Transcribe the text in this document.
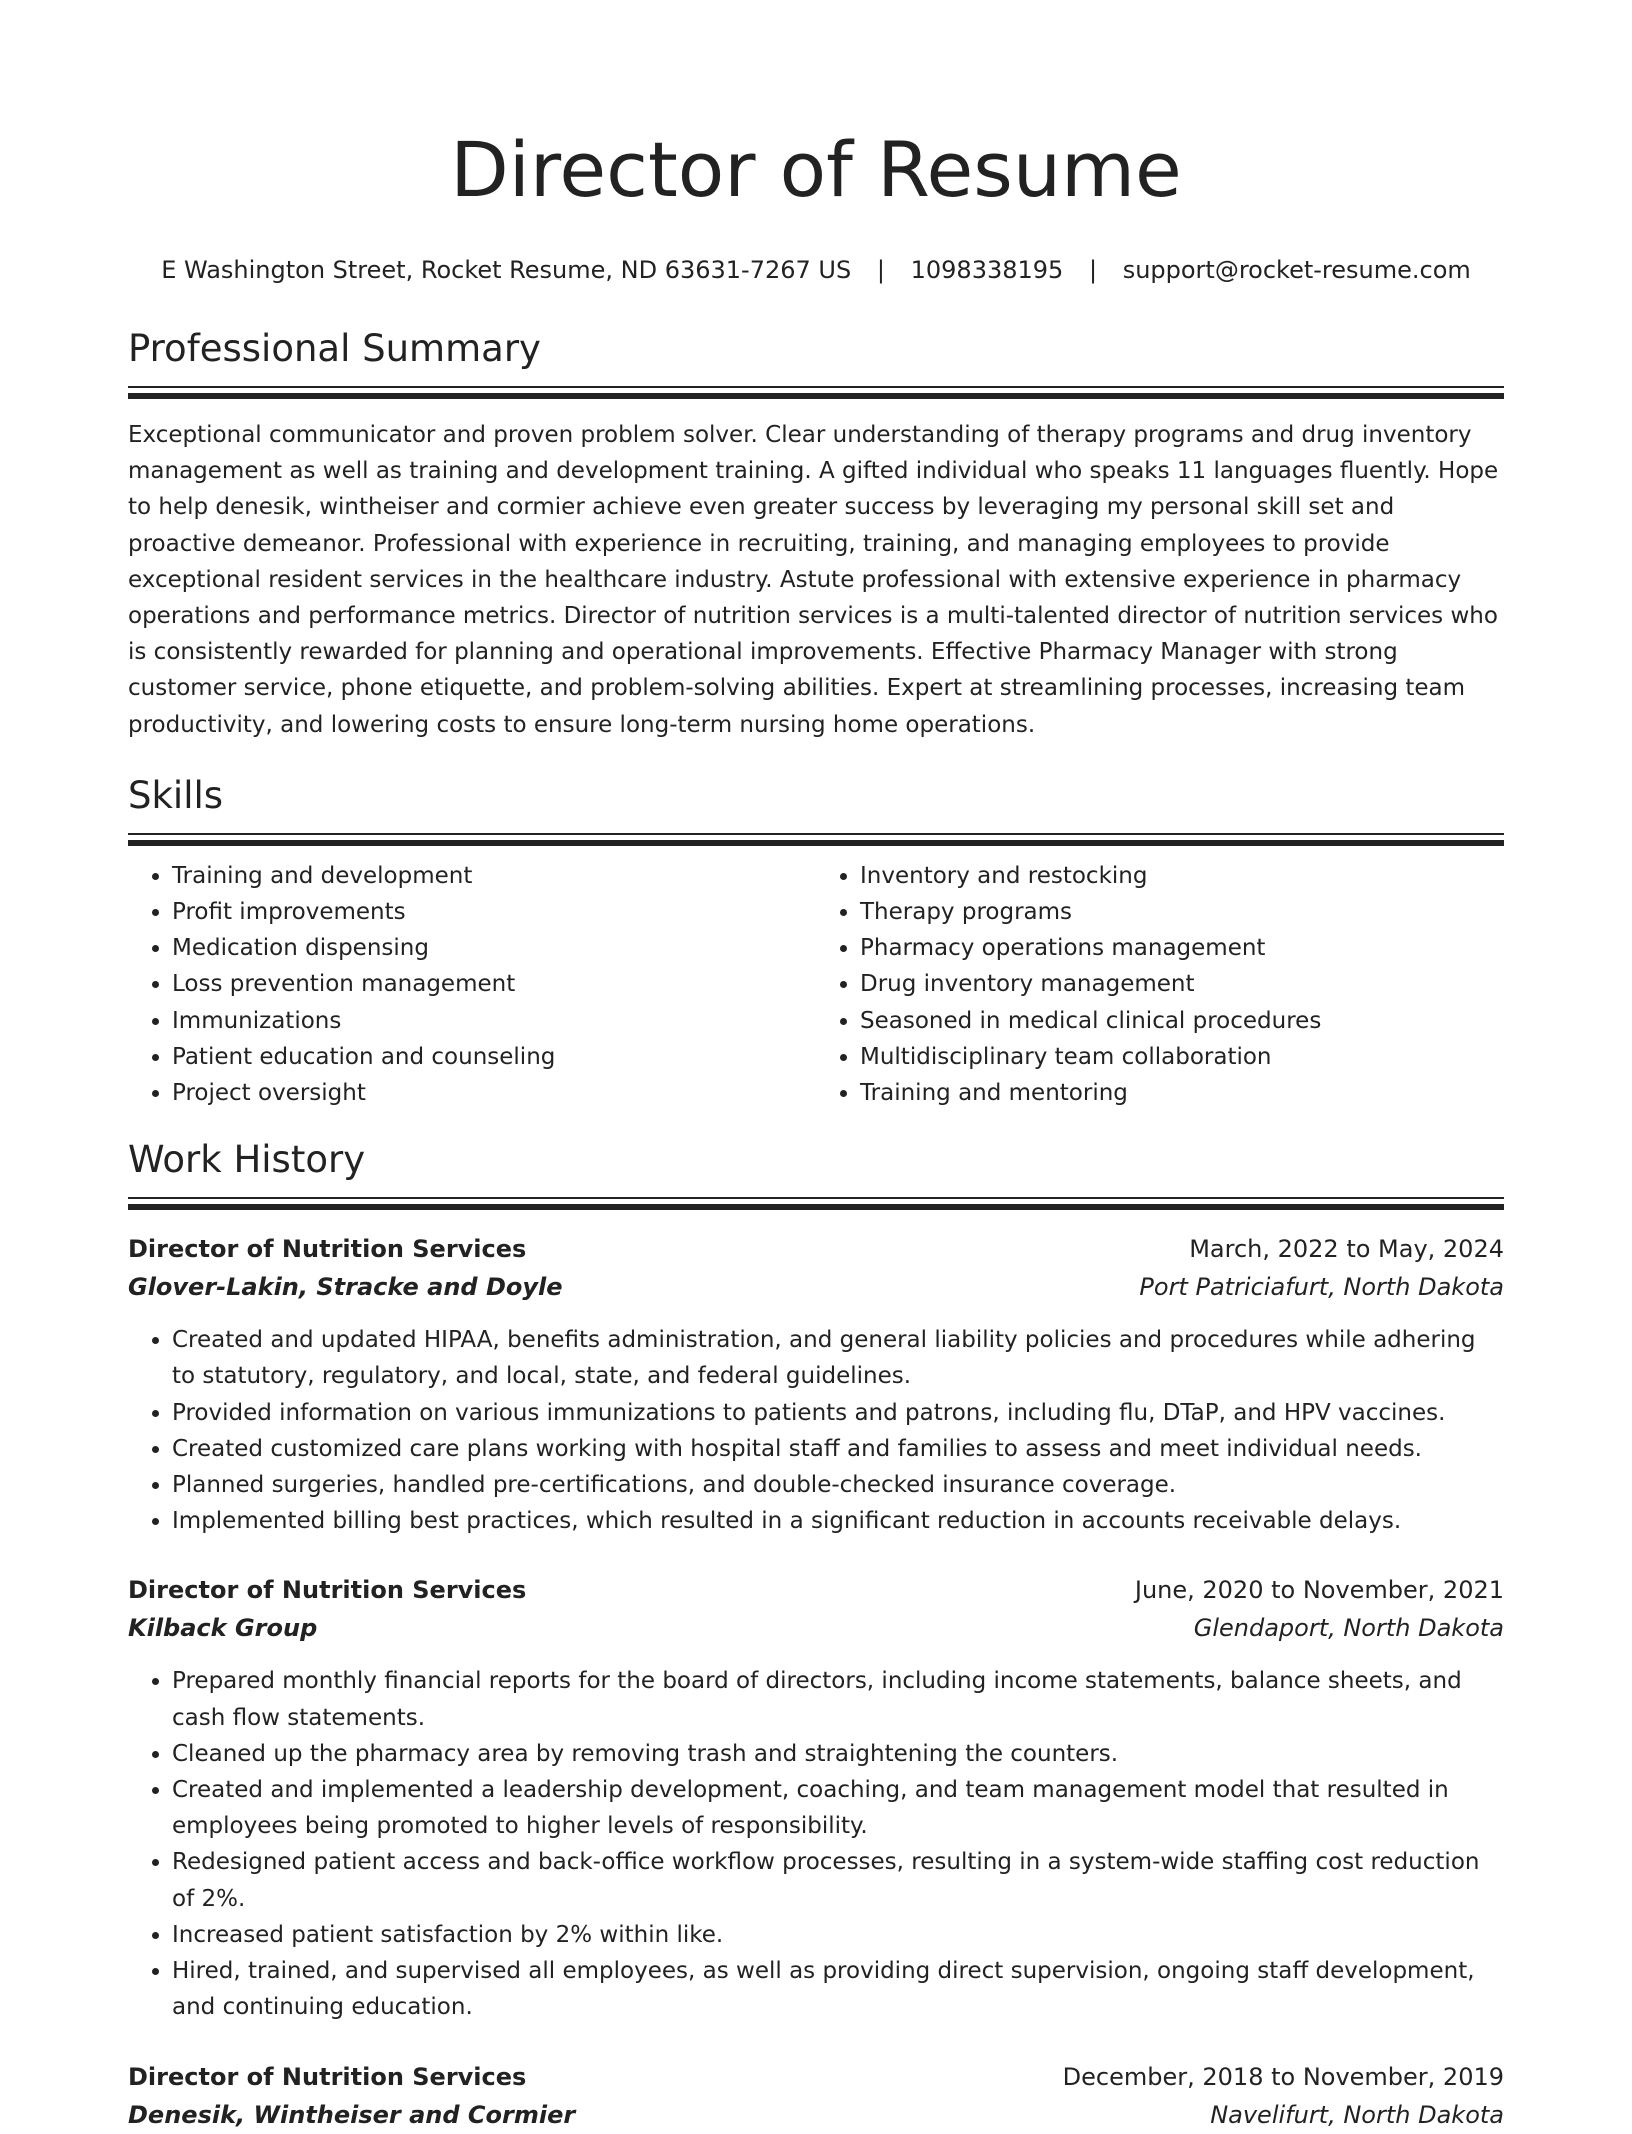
Director of Resume
E Washington Street, Rocket Resume, ND 63631-7267 US | 1098338195 | support@rocket-resume.com
Professional Summary

Exceptional communicator and proven problem solver. Clear understanding of therapy programs and drug inventory management as well as training and development training. A gifted individual who speaks 11 languages fluently. Hope to help denesik, wintheiser and cormier achieve even greater success by leveraging my personal skill set and proactive demeanor. Professional with experience in recruiting, training, and managing employees to provide exceptional resident services in the healthcare industry. Astute professional with extensive experience in pharmacy operations and performance metrics. Director of nutrition services is a multi-talented director of nutrition services who is consistently rewarded for planning and operational improvements. Effective Pharmacy Manager with strong customer service, phone etiquette, and problem-solving abilities. Expert at streamlining processes, increasing team productivity, and lowering costs to ensure long-term nursing home operations.

Skills
• Training and development
• Profit improvements
• Medication dispensing
• Loss prevention management
• Immunizations
• Patient education and counseling
• Project oversight
• Inventory and restocking
• Therapy programs
• Pharmacy operations management
• Drug inventory management
• Seasoned in medical clinical procedures
• Multidisciplinary team collaboration
• Training and mentoring
Work History
Director of Nutrition Services	March, 2022 to May, 2024
Glover-Lakin, Stracke and Doyle	Port Patriciafurt, North Dakota
• Created and updated HIPAA, benefits administration, and general liability policies and procedures while adhering to statutory, regulatory, and local, state, and federal guidelines.
• Provided information on various immunizations to patients and patrons, including flu, DTaP, and HPV vaccines.
• Created customized care plans working with hospital staff and families to assess and meet individual needs.
• Planned surgeries, handled pre-certifications, and double-checked insurance coverage.
• Implemented billing best practices, which resulted in a significant reduction in accounts receivable delays.
Director of Nutrition Services	June, 2020 to November, 2021
Kilback Group	Glendaport, North Dakota
• Prepared monthly financial reports for the board of directors, including income statements, balance sheets, and cash flow statements.
• Cleaned up the pharmacy area by removing trash and straightening the counters.
• Created and implemented a leadership development, coaching, and team management model that resulted in employees being promoted to higher levels of responsibility.
• Redesigned patient access and back-office workflow processes, resulting in a system-wide staffing cost reduction of 2%.
• Increased patient satisfaction by 2% within like.
• Hired, trained, and supervised all employees, as well as providing direct supervision, ongoing staff development, and continuing education.
Director of Nutrition Services	December, 2018 to November, 2019
Denesik, Wintheiser and Cormier	Navelifurt, North Dakota
